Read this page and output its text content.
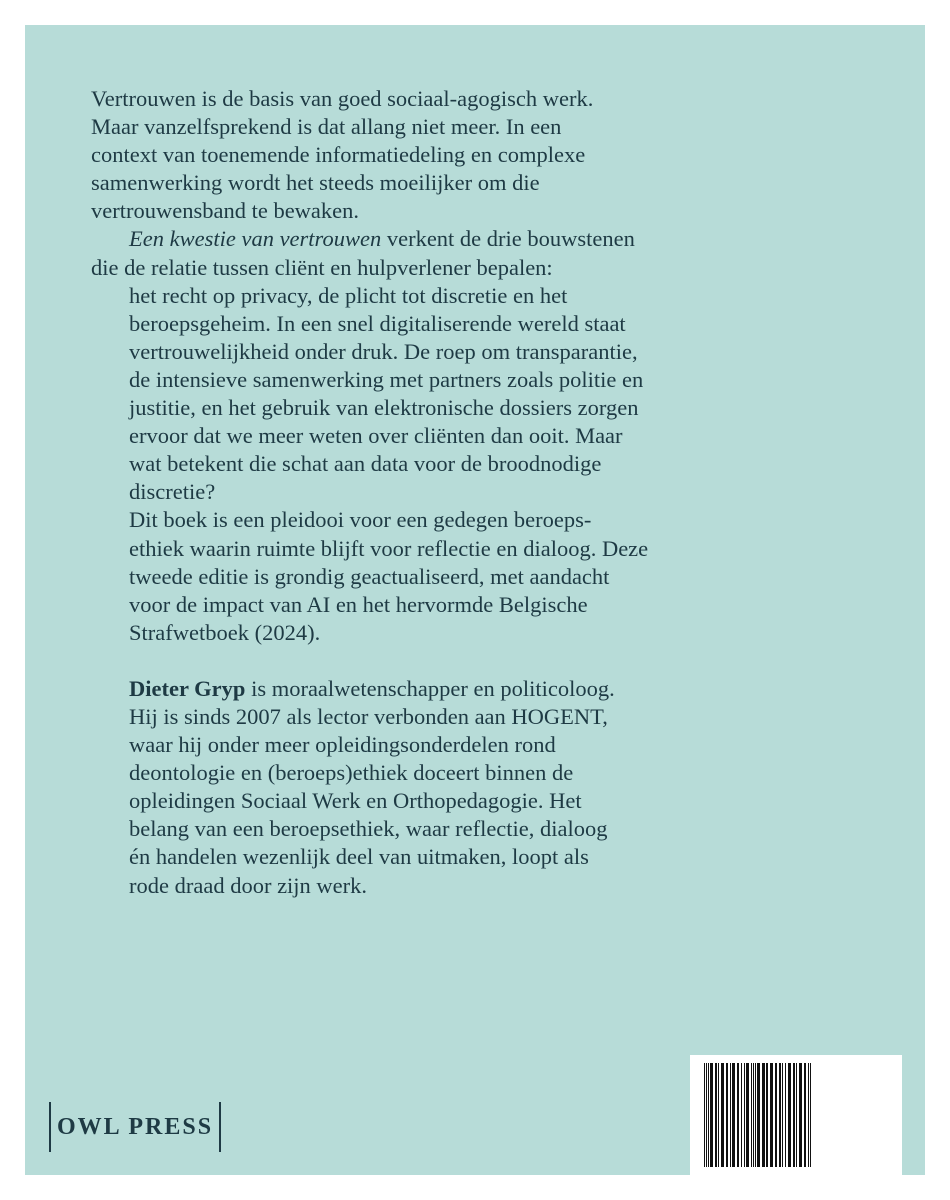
Vertrouwen is de basis van goed sociaal-agogisch werk.
Maar vanzelfsprekend is dat allang niet meer. In een
context van toenemende informatiedeling en complexe
samenwerking wordt het steeds moeilijker om die
vertrouwensband te bewaken.

Een kwestie van vertrouwen verkent de drie bouwstenen
die de relatie tussen cliënt en hulpverlener bepalen:
het recht op privacy, de plicht tot discretie en het
beroepsgeheim. In een snel digitaliserende wereld staat
vertrouwelijkheid onder druk. De roep om transparantie,
de intensieve samenwerking met partners zoals politie en
justitie, en het gebruik van elektronische dossiers zorgen
ervoor dat we meer weten over cliënten dan ooit. Maar
wat betekent die schat aan data voor de broodnodige
discretie?

Dit boek is een pleidooi voor een gedegen beroeps-
ethiek waarin ruimte blijft voor reflectie en dialoog. Deze
tweede editie is grondig geactualiseerd, met aandacht
voor de impact van AI en het hervormde Belgische
Strafwetboek (2024).

Dieter Gryp is moraalwetenschapper en politicoloog.
Hij is sinds 2007 als lector verbonden aan HOGENT,
waar hij onder meer opleidingsonderdelen rond
deontologie en (beroeps)ethiek doceert binnen de
opleidingen Sociaal Werk en Orthopedagogie. Het
belang van een beroepsethiek, waar reflectie, dialoog
én handelen wezenlijk deel van uitmaken, loopt als
rode draad door zijn werk.

OWL PRESS
9 789493 521612
